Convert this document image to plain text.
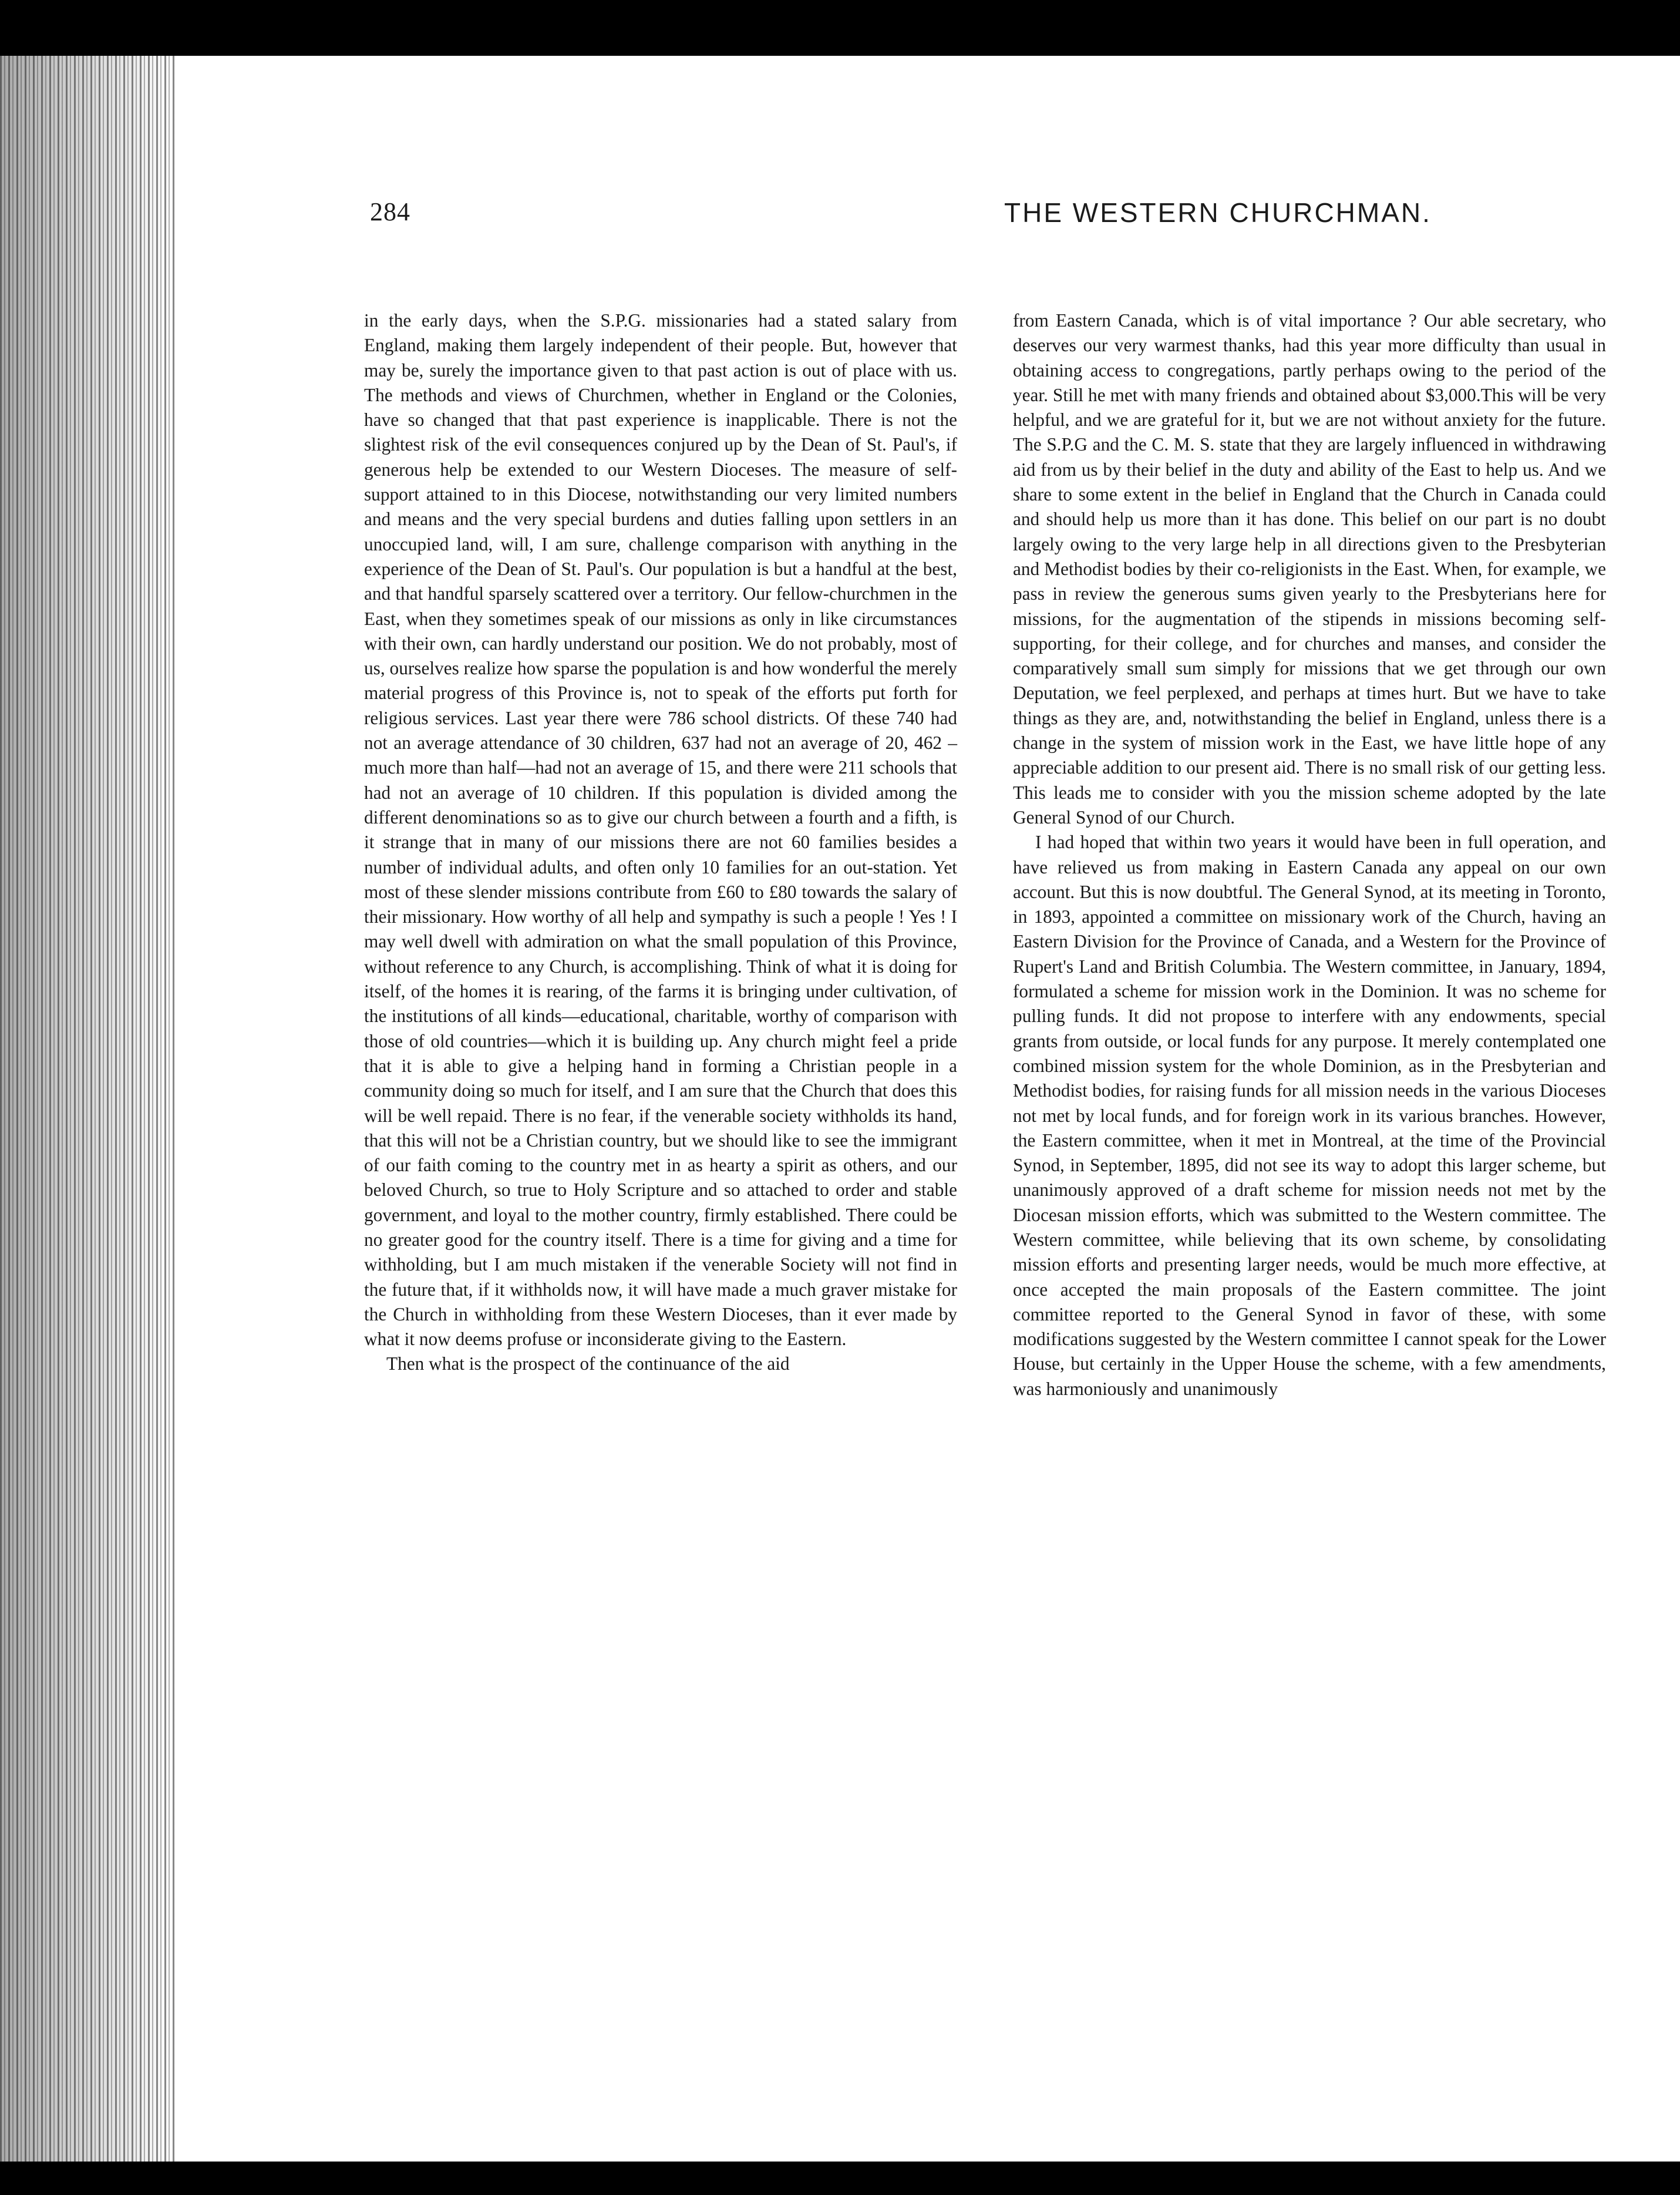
284	THE WESTERN CHURCHMAN.

in the early days, when the S.P.G. missionaries had a stated salary from England, making them largely independent of their people. But, however that may be, surely the importance given to that past action is out of place with us. The methods and views of Churchmen, whether in England or the Colonies, have so changed that that past experience is inapplicable. There is not the slightest risk of the evil consequences conjured up by the Dean of St. Paul's, if generous help be extended to our Western Dioceses. The measure of self-support attained to in this Diocese, notwithstanding our very limited numbers and means and the very special burdens and duties falling upon settlers in an unoccupied land, will, I am sure, challenge comparison with anything in the experience of the Dean of St. Paul's. Our population is but a handful at the best, and that handful sparsely scattered over a territory. Our fellow-churchmen in the East, when they sometimes speak of our missions as only in like circumstances with their own, can hardly understand our position. We do not probably, most of us, ourselves realize how sparse the population is and how wonderful the merely material progress of this Province is, not to speak of the efforts put forth for religious services. Last year there were 786 school districts. Of these 740 had not an average attendance of 30 children, 637 had not an average of 20, 462 – much more than half—had not an average of 15, and there were 211 schools that had not an average of 10 children. If this population is divided among the different denominations so as to give our church between a fourth and a fifth, is it strange that in many of our missions there are not 60 families besides a number of individual adults, and often only 10 families for an out-station. Yet most of these slender missions contribute from £60 to £80 towards the salary of their missionary. How worthy of all help and sympathy is such a people ! Yes ! I may well dwell with admiration on what the small population of this Province, without reference to any Church, is accomplishing. Think of what it is doing for itself, of the homes it is rearing, of the farms it is bringing under cultivation, of the institutions of all kinds—educational, charitable, worthy of comparison with those of old countries—which it is building up. Any church might feel a pride that it is able to give a helping hand in forming a Christian people in a community doing so much for itself, and I am sure that the Church that does this will be well repaid. There is no fear, if the venerable society withholds its hand, that this will not be a Christian country, but we should like to see the immigrant of our faith coming to the country met in as hearty a spirit as others, and our beloved Church, so true to Holy Scripture and so attached to order and stable government, and loyal to the mother country, firmly established. There could be no greater good for the country itself. There is a time for giving and a time for withholding, but I am much mistaken if the venerable Society will not find in the future that, if it withholds now, it will have made a much graver mistake for the Church in withholding from these Western Dioceses, than it ever made by what it now deems profuse or inconsiderate giving to the Eastern.

Then what is the prospect of the continuance of the aid

from Eastern Canada, which is of vital importance ? Our able secretary, who deserves our very warmest thanks, had this year more difficulty than usual in obtaining access to congregations, partly perhaps owing to the period of the year. Still he met with many friends and obtained about $3,000.This will be very helpful, and we are grateful for it, but we are not without anxiety for the future. The S.P.G and the C. M. S. state that they are largely influenced in withdrawing aid from us by their belief in the duty and ability of the East to help us. And we share to some extent in the belief in England that the Church in Canada could and should help us more than it has done. This belief on our part is no doubt largely owing to the very large help in all directions given to the Presbyterian and Methodist bodies by their co-religionists in the East. When, for example, we pass in review the generous sums given yearly to the Presbyterians here for missions, for the augmentation of the stipends in missions becoming self-supporting, for their college, and for churches and manses, and consider the comparatively small sum simply for missions that we get through our own Deputation, we feel perplexed, and perhaps at times hurt. But we have to take things as they are, and, notwithstanding the belief in England, unless there is a change in the system of mission work in the East, we have little hope of any appreciable addition to our present aid. There is no small risk of our getting less. This leads me to consider with you the mission scheme adopted by the late General Synod of our Church.

I had hoped that within two years it would have been in full operation, and have relieved us from making in Eastern Canada any appeal on our own account. But this is now doubtful. The General Synod, at its meeting in Toronto, in 1893, appointed a committee on missionary work of the Church, having an Eastern Division for the Province of Canada, and a Western for the Province of Rupert's Land and British Columbia. The Western committee, in January, 1894, formulated a scheme for mission work in the Dominion. It was no scheme for pulling funds. It did not propose to interfere with any endowments, special grants from outside, or local funds for any purpose. It merely contemplated one combined mission system for the whole Dominion, as in the Presbyterian and Methodist bodies, for raising funds for all mission needs in the various Dioceses not met by local funds, and for foreign work in its various branches. However, the Eastern committee, when it met in Montreal, at the time of the Provincial Synod, in September, 1895, did not see its way to adopt this larger scheme, but unanimously approved of a draft scheme for mission needs not met by the Diocesan mission efforts, which was submitted to the Western committee. The Western committee, while believing that its own scheme, by consolidating mission efforts and presenting larger needs, would be much more effective, at once accepted the main proposals of the Eastern committee. The joint committee reported to the General Synod in favor of these, with some modifications suggested by the Western committee I cannot speak for the Lower House, but certainly in the Upper House the scheme, with a few amendments, was harmoniously and unanimously
